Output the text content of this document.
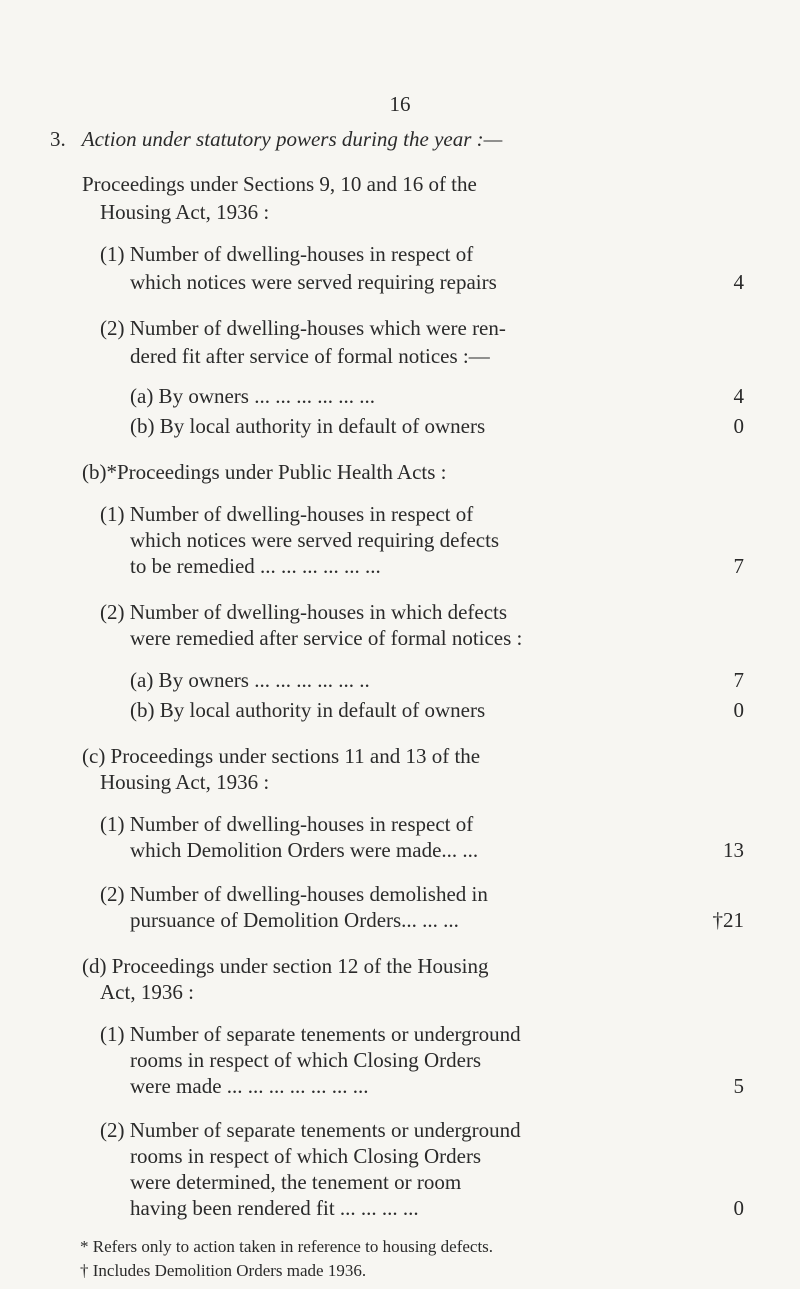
16
3. Action under statutory powers during the year :—
Proceedings under Sections 9, 10 and 16 of the
Housing Act, 1936 :
(1) Number of dwelling-houses in respect of
which notices were served requiring repairs	4
(2) Number of dwelling-houses which were ren-
dered fit after service of formal notices :—
(a) By owners ... ... ... ... ... ...	4
(b) By local authority in default of owners	0
(b)*Proceedings under Public Health Acts :
(1) Number of dwelling-houses in respect of
which notices were served requiring defects
to be remedied ... ... ... ... ... ...	7
(2) Number of dwelling-houses in which defects
were remedied after service of formal notices :
(a) By owners ... ... ... ... ... ..	7
(b) By local authority in default of owners	0
(c) Proceedings under sections 11 and 13 of the
Housing Act, 1936 :
(1) Number of dwelling-houses in respect of
which Demolition Orders were made... ...	13
(2) Number of dwelling-houses demolished in
pursuance of Demolition Orders... ... ...	†21
(d) Proceedings under section 12 of the Housing
Act, 1936 :
(1) Number of separate tenements or underground
rooms in respect of which Closing Orders
were made ... ... ... ... ... ... ...	5
(2) Number of separate tenements or underground
rooms in respect of which Closing Orders
were determined, the tenement or room
having been rendered fit ... ... ... ...	0
* Refers only to action taken in reference to housing defects.
† Includes Demolition Orders made 1936.
